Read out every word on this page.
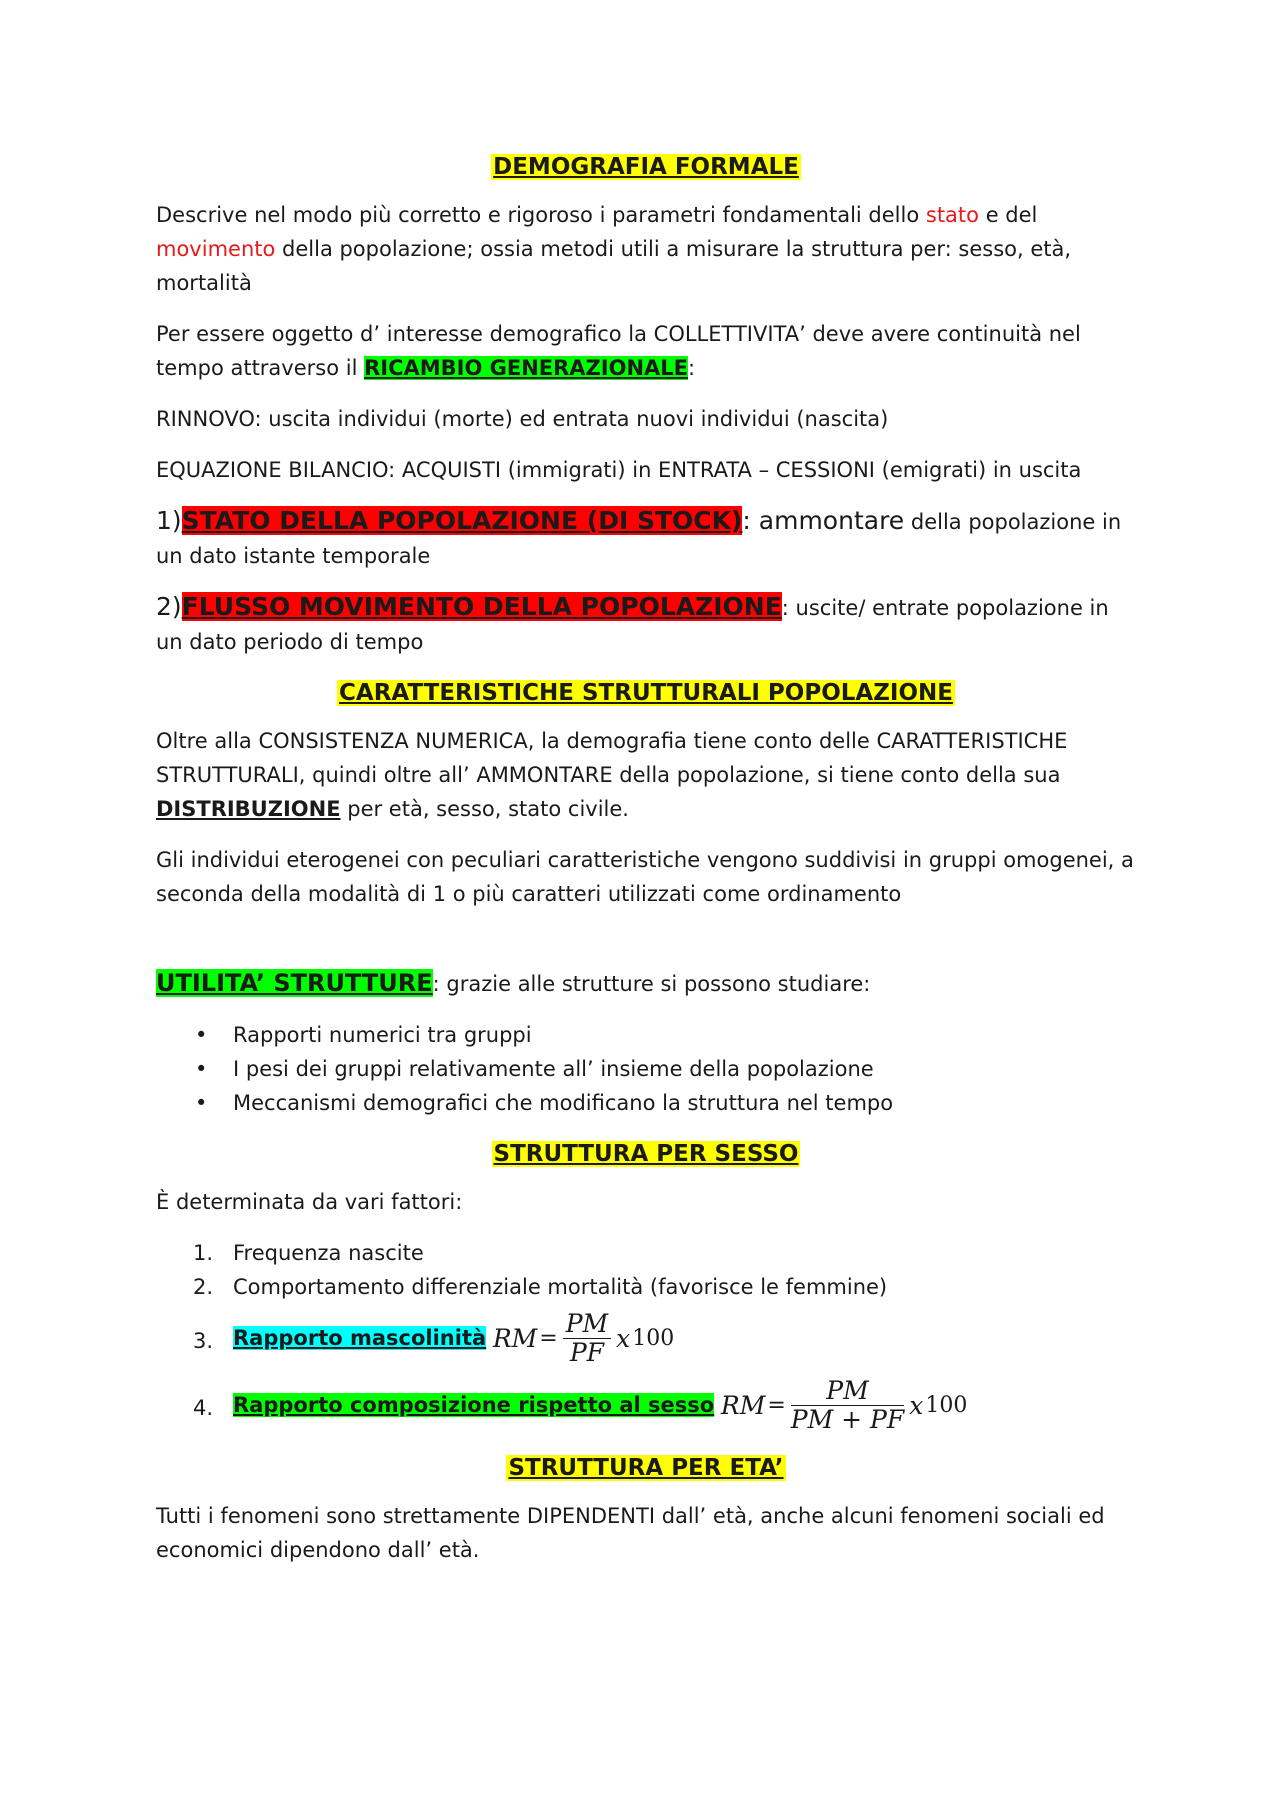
DEMOGRAFIA FORMALE

Descrive nel modo più corretto e rigoroso i parametri fondamentali dello stato e del movimento della popolazione; ossia metodi utili a misurare la struttura per: sesso, età, mortalità

Per essere oggetto d’ interesse demografico la COLLETTIVITA’ deve avere continuità nel tempo attraverso il RICAMBIO GENERAZIONALE:

RINNOVO: uscita individui (morte) ed entrata nuovi individui (nascita)

EQUAZIONE BILANCIO: ACQUISTI (immigrati) in ENTRATA – CESSIONI (emigrati) in uscita

1)STATO DELLA POPOLAZIONE (DI STOCK): ammontare della popolazione in un dato istante temporale

2)FLUSSO MOVIMENTO DELLA POPOLAZIONE: uscite/ entrate popolazione in un dato periodo di tempo

CARATTERISTICHE STRUTTURALI POPOLAZIONE

Oltre alla CONSISTENZA NUMERICA, la demografia tiene conto delle CARATTERISTICHE STRUTTURALI, quindi oltre all’ AMMONTARE della popolazione, si tiene conto della sua DISTRIBUZIONE per età, sesso, stato civile.

Gli individui eterogenei con peculiari caratteristiche vengono suddivisi in gruppi omogenei, a seconda della modalità di 1 o più caratteri utilizzati come ordinamento

UTILITA’ STRUTTURE: grazie alle strutture si possono studiare:

• Rapporti numerici tra gruppi
• I pesi dei gruppi relativamente all’ insieme della popolazione
• Meccanismi demografici che modificano la struttura nel tempo
STRUTTURA PER SESSO

È determinata da vari fattori:

1. Frequenza nascite
2. Comportamento differenziale mortalità (favorisce le femmine)
3. Rapporto mascolinità RM = $\frac{PM}{PF}$ x 100
4. Rapporto composizione rispetto al sesso RM = $\frac{PM}{PM + PF}$ x 100
STRUTTURA PER ETA’

Tutti i fenomeni sono strettamente DIPENDENTI dall’ età, anche alcuni fenomeni sociali ed economici dipendono dall’ età.
